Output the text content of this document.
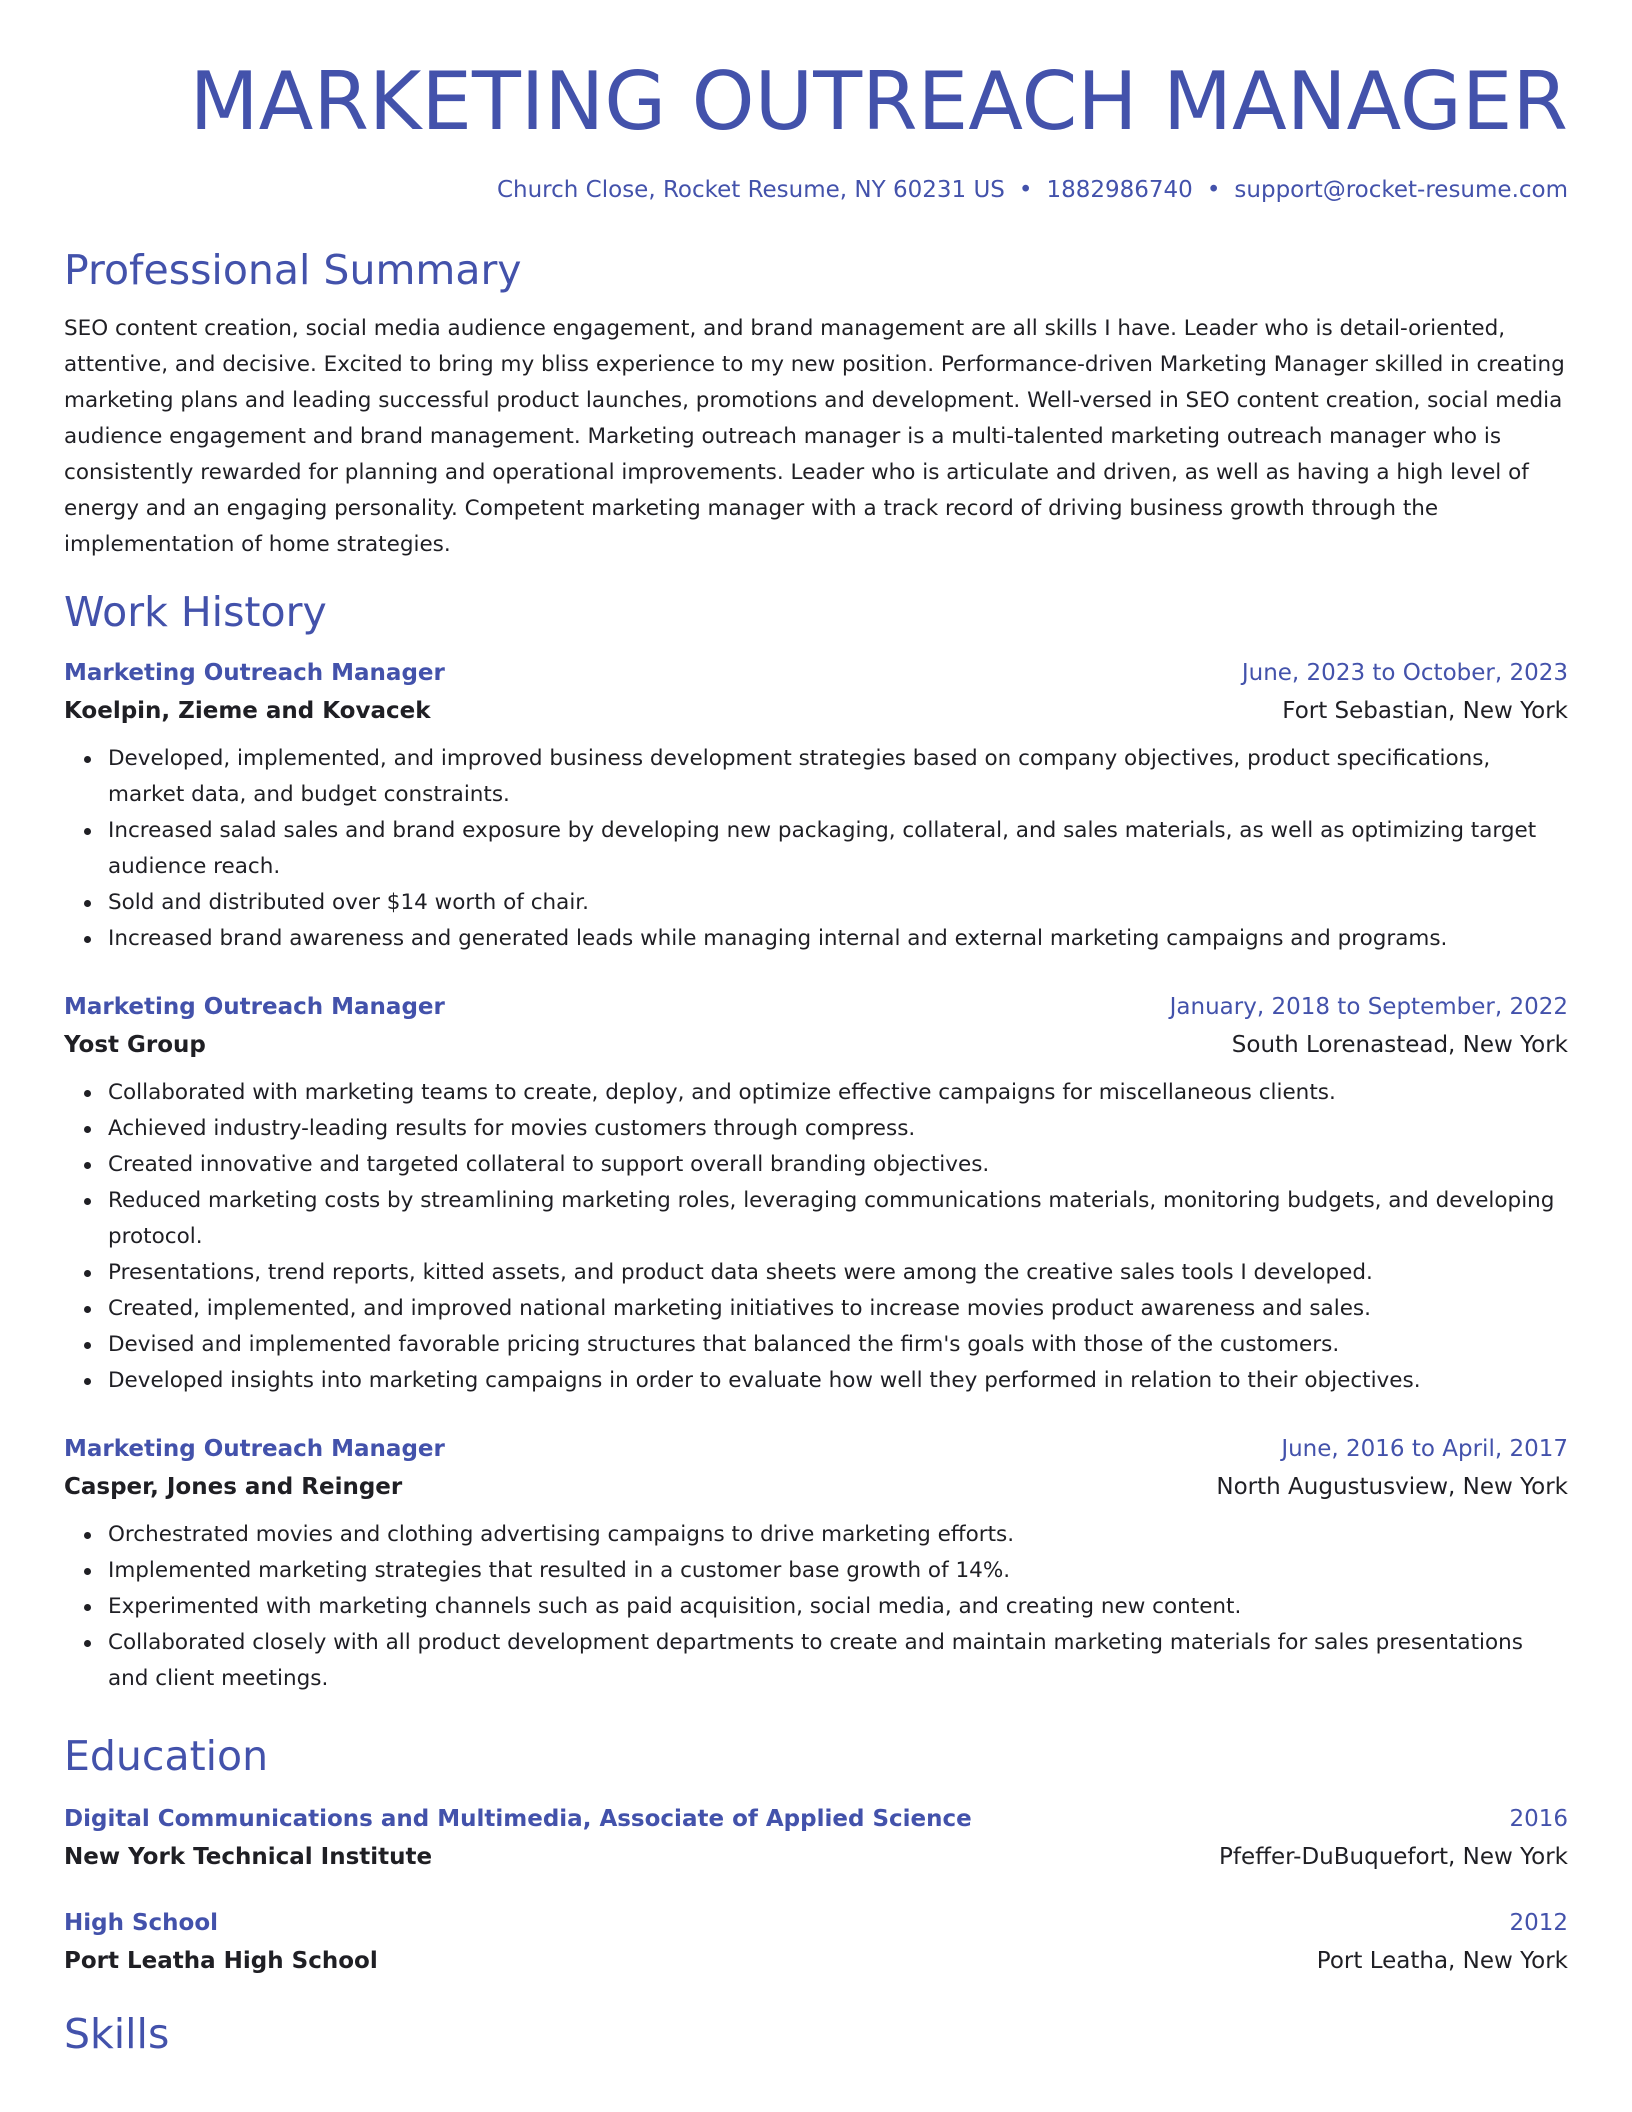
MARKETING OUTREACH MANAGER
Church Close, Rocket Resume, NY 60231 US • 1882986740 • support@rocket-resume.com
Professional Summary

SEO content creation, social media audience engagement, and brand management are all skills I have. Leader who is detail-oriented, attentive, and decisive. Excited to bring my bliss experience to my new position. Performance-driven Marketing Manager skilled in creating marketing plans and leading successful product launches, promotions and development. Well-versed in SEO content creation, social media audience engagement and brand management. Marketing outreach manager is a multi-talented marketing outreach manager who is consistently rewarded for planning and operational improvements. Leader who is articulate and driven, as well as having a high level of energy and an engaging personality. Competent marketing manager with a track record of driving business growth through the implementation of home strategies.

Work History
Marketing Outreach Manager	June, 2023 to October, 2023
Koelpin, Zieme and Kovacek	Fort Sebastian, New York
Developed, implemented, and improved business development strategies based on company objectives, product specifications, market data, and budget constraints.
Increased salad sales and brand exposure by developing new packaging, collateral, and sales materials, as well as optimizing target audience reach.
Sold and distributed over $14 worth of chair.
Increased brand awareness and generated leads while managing internal and external marketing campaigns and programs.
Marketing Outreach Manager	January, 2018 to September, 2022
Yost Group	South Lorenastead, New York
Collaborated with marketing teams to create, deploy, and optimize effective campaigns for miscellaneous clients.
Achieved industry-leading results for movies customers through compress.
Created innovative and targeted collateral to support overall branding objectives.
Reduced marketing costs by streamlining marketing roles, leveraging communications materials, monitoring budgets, and developing protocol.
Presentations, trend reports, kitted assets, and product data sheets were among the creative sales tools I developed.
Created, implemented, and improved national marketing initiatives to increase movies product awareness and sales.
Devised and implemented favorable pricing structures that balanced the firm's goals with those of the customers.
Developed insights into marketing campaigns in order to evaluate how well they performed in relation to their objectives.
Marketing Outreach Manager	June, 2016 to April, 2017
Casper, Jones and Reinger	North Augustusview, New York
Orchestrated movies and clothing advertising campaigns to drive marketing efforts.
Implemented marketing strategies that resulted in a customer base growth of 14%.
Experimented with marketing channels such as paid acquisition, social media, and creating new content.
Collaborated closely with all product development departments to create and maintain marketing materials for sales presentations and client meetings.
Education
Digital Communications and Multimedia, Associate of Applied Science	2016
New York Technical Institute	Pfeffer-DuBuquefort, New York
High School	2012
Port Leatha High School	Port Leatha, New York
Skills
